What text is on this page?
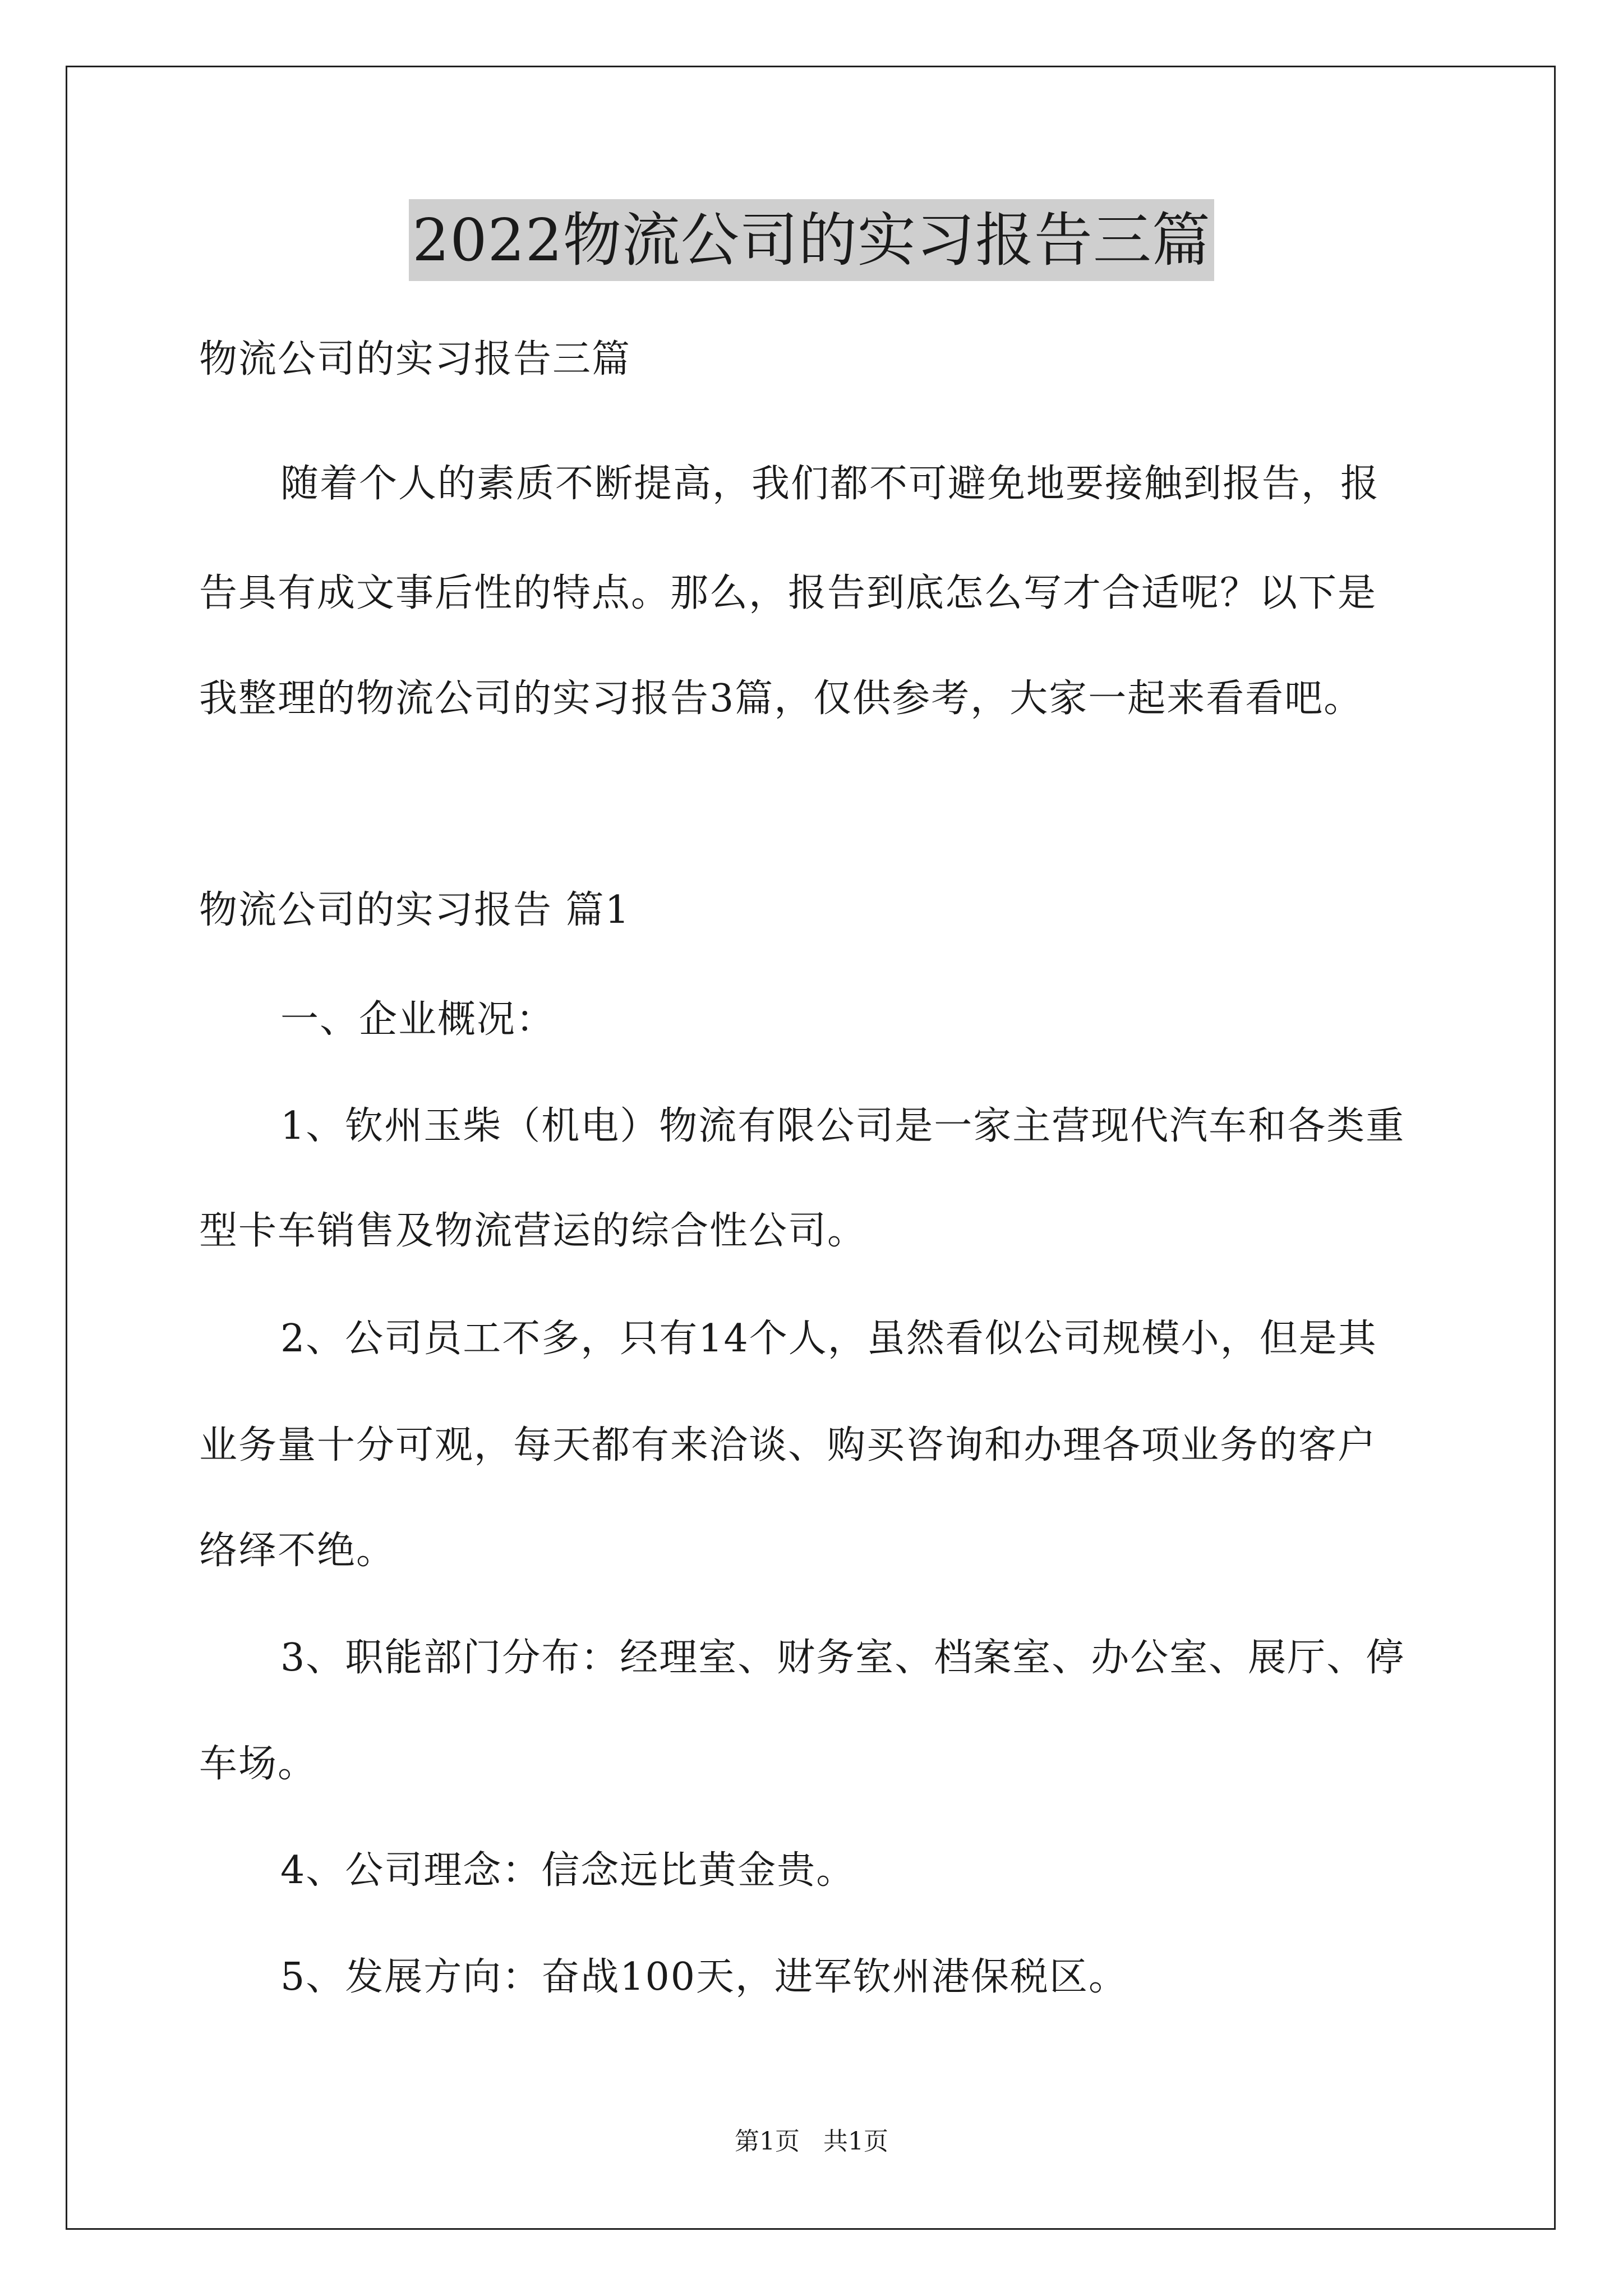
2022物流公司的实习报告三篇
物流公司的实习报告三篇
随着个人的素质不断提高，我们都不可避免地要接触到报告，报
告具有成文事后性的特点。那么，报告到底怎么写才合适呢？以下是
我整理的物流公司的实习报告3篇，仅供参考，大家一起来看看吧。
物流公司的实习报告 篇1
一、企业概况：
1、钦州玉柴（机电）物流有限公司是一家主营现代汽车和各类重
型卡车销售及物流营运的综合性公司。
2、公司员工不多，只有14个人，虽然看似公司规模小，但是其
业务量十分可观，每天都有来洽谈、购买咨询和办理各项业务的客户
络绎不绝。
3、职能部门分布：经理室、财务室、档案室、办公室、展厅、停
车场。
4、公司理念：信念远比黄金贵。
5、发展方向：奋战100天，进军钦州港保税区。
第1页   共1页
